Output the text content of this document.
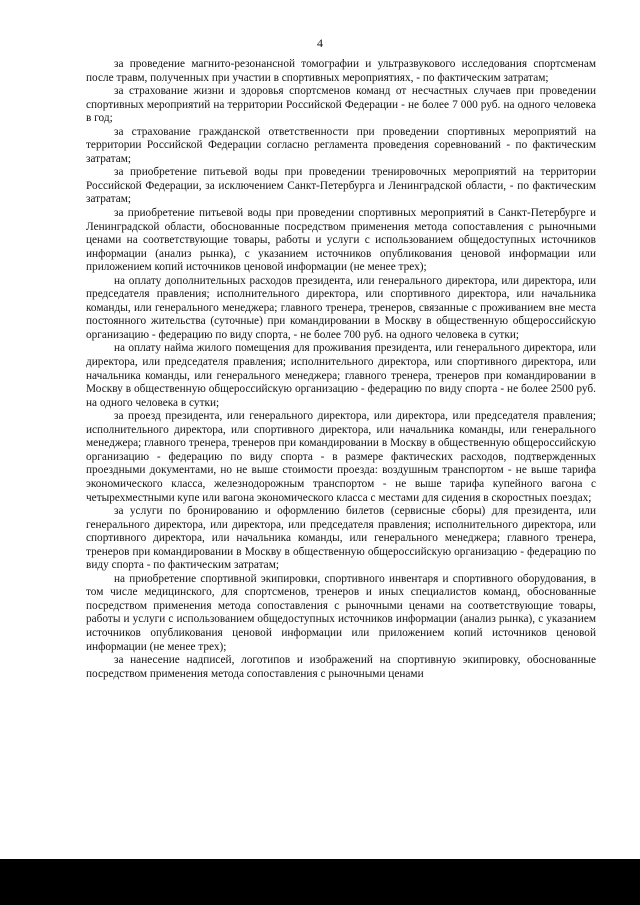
4

за проведение магнито-резонансной томографии и ультразвукового исследования спортсменам после травм, полученных при участии в спортивных мероприятиях, - по фактическим затратам;

за страхование жизни и здоровья спортсменов команд от несчастных случаев при проведении спортивных мероприятий на территории Российской Федерации - не более 7 000 руб. на одного человека в год;

за страхование гражданской ответственности при проведении спортивных мероприятий на территории Российской Федерации согласно регламента проведения соревнований - по фактическим затратам;

за приобретение питьевой воды при проведении тренировочных мероприятий на территории Российской Федерации, за исключением Санкт-Петербурга и Ленинградской области, - по фактическим затратам;

за приобретение питьевой воды при проведении спортивных мероприятий в Санкт-Петербурге и Ленинградской области, обоснованные посредством применения метода сопоставления с рыночными ценами на соответствующие товары, работы и услуги с использованием общедоступных источников информации (анализ рынка), с указанием источников опубликования ценовой информации или приложением копий источников ценовой информации (не менее трех);

на оплату дополнительных расходов президента, или генерального директора, или директора, или председателя правления; исполнительного директора, или спортивного директора, или начальника команды, или генерального менеджера; главного тренера, тренеров, связанные с проживанием вне места постоянного жительства (суточные) при командировании в Москву в общественную общероссийскую организацию - федерацию по виду спорта, - не более 700 руб. на одного человека в сутки;

на оплату найма жилого помещения для проживания президента, или генерального директора, или директора, или председателя правления; исполнительного директора, или спортивного директора, или начальника команды, или генерального менеджера; главного тренера, тренеров при командировании в Москву в общественную общероссийскую организацию - федерацию по виду спорта - не более 2500 руб. на одного человека в сутки;

за проезд президента, или генерального директора, или директора, или председателя правления; исполнительного директора, или спортивного директора, или начальника команды, или генерального менеджера; главного тренера, тренеров при командировании в Москву в общественную общероссийскую организацию - федерацию по виду спорта - в размере фактических расходов, подтвержденных проездными документами, но не выше стоимости проезда: воздушным транспортом - не выше тарифа экономического класса, железнодорожным транспортом - не выше тарифа купейного вагона с четырехместными купе или вагона экономического класса с местами для сидения в скоростных поездах;

за услуги по бронированию и оформлению билетов (сервисные сборы) для президента, или генерального директора, или директора, или председателя правления; исполнительного директора, или спортивного директора, или начальника команды, или генерального менеджера; главного тренера, тренеров при командировании в Москву в общественную общероссийскую организацию - федерацию по виду спорта - по фактическим затратам;

на приобретение спортивной экипировки, спортивного инвентаря и спортивного оборудования, в том числе медицинского, для спортсменов, тренеров и иных специалистов команд, обоснованные посредством применения метода сопоставления с рыночными ценами на соответствующие товары, работы и услуги с использованием общедоступных источников информации (анализ рынка), с указанием источников опубликования ценовой информации или приложением копий источников ценовой информации (не менее трех);

за нанесение надписей, логотипов и изображений на спортивную экипировку, обоснованные посредством применения метода сопоставления с рыночными ценами
